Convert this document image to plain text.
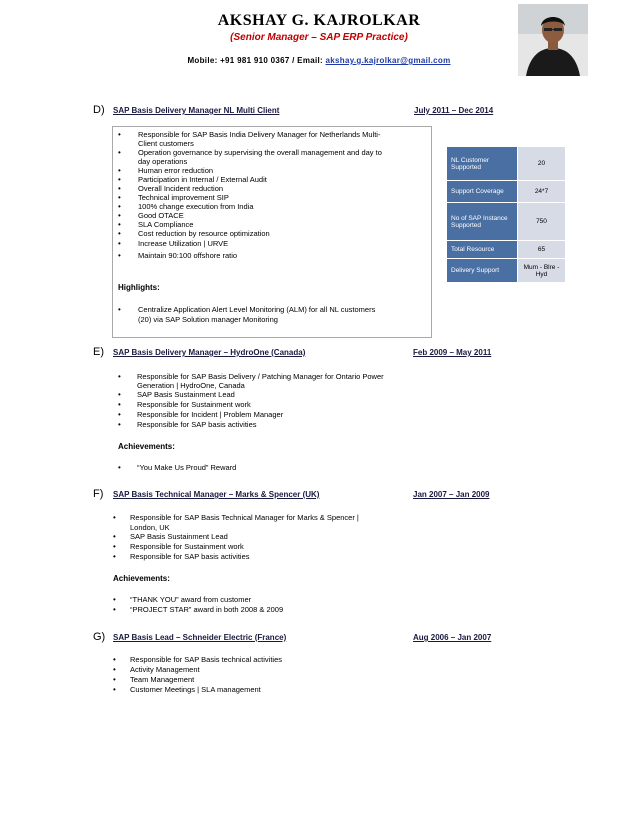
AKSHAY G. KAJROLKAR
(Senior Manager – SAP ERP Practice)
Mobile: +91 981 910 0367 / Email: akshay.g.kajrolkar@gmail.com
D) SAP Basis Delivery Manager NL Multi Client	July 2011 – Dec 2014
• Responsible for SAP Basis India Delivery Manager for Netherlands Multi-
Client customers
• Operation governance by supervising the overall management and day to
day operations
• Human error reduction
• Participation in Internal / External Audit
• Overall Incident reduction
• Technical improvement SIP
• 100% change execution from India
• Good OTACE
• SLA Compliance
• Cost reduction by resource optimization
• Increase Utilization | URVE
• Maintain 90:100 offshore ratio
Highlights:
• Centralize Application Alert Level Monitoring (ALM) for all NL customers
(20) via SAP Solution manager Monitoring
NL Customer Supported	20
Support Coverage	24*7
No of SAP Instance Supported	750
Total Resource	65
Delivery Support	Mum - Blre - Hyd
E) SAP Basis Delivery Manager – HydroOne (Canada)	Feb 2009 – May 2011
• Responsible for SAP Basis Delivery / Patching Manager for Ontario Power
Generation | HydroOne, Canada
• SAP Basis Sustainment Lead
• Responsible for Sustainment work
• Responsible for Incident | Problem Manager
• Responsible for SAP basis activities
Achievements:
• “You Make Us Proud” Reward
F) SAP Basis Technical Manager – Marks & Spencer (UK)	Jan 2007 – Jan 2009
• Responsible for SAP Basis Technical Manager for Marks & Spencer |
London, UK
• SAP Basis Sustainment Lead
• Responsible for Sustainment work
• Responsible for SAP basis activities
Achievements:
• “THANK YOU” award from customer
• “PROJECT STAR” award in both 2008 & 2009
G) SAP Basis Lead – Schneider Electric (France)	Aug 2006 – Jan 2007
• Responsible for SAP Basis technical activities
• Activity Management
• Team Management
• Customer Meetings | SLA management
